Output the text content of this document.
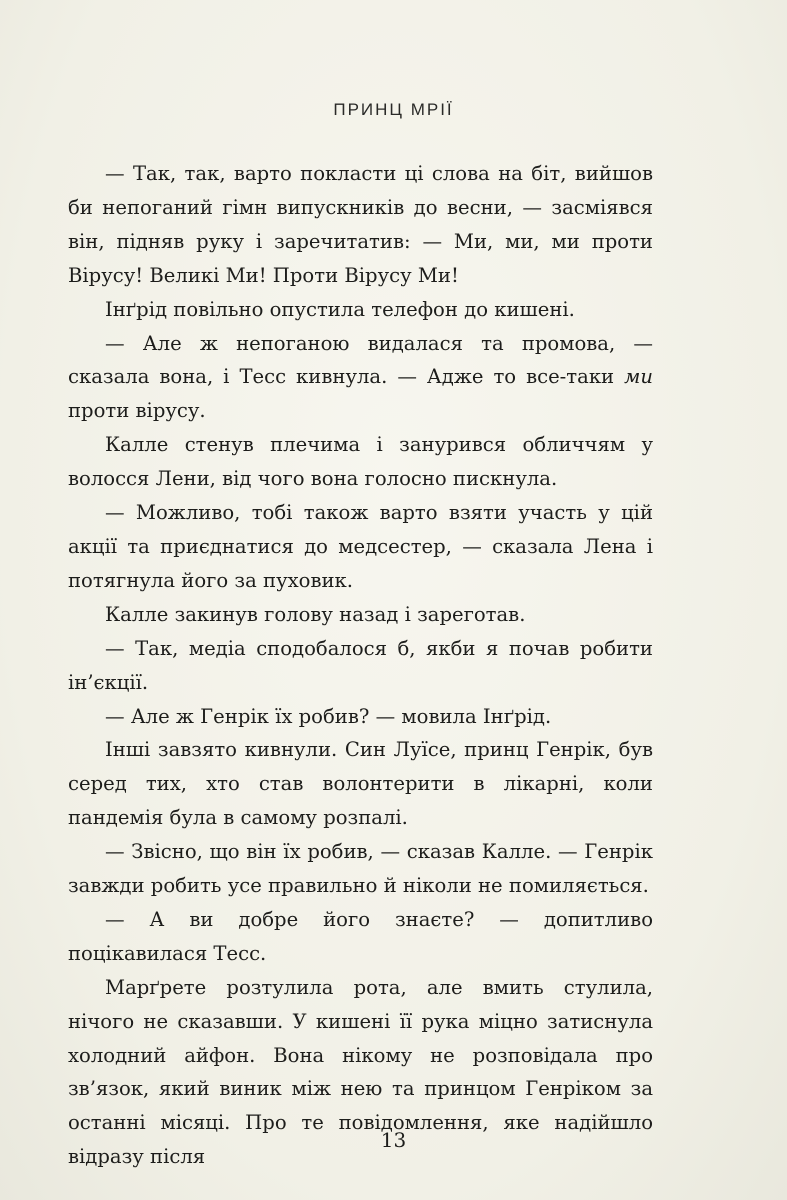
ПРИНЦ МРІЇ

— Так, так, варто покласти ці слова на біт, вийшов би непоганий гімн випускників до весни, — засміявся він, підняв руку і заречитатив: — Ми, ми, ми проти Вірусу! Великі Ми! Проти Вірусу Ми!

Інґрід повільно опустила телефон до кишені.

— Але ж непоганою видалася та промова, — сказала вона, і Тесс кивнула. — Адже то все-таки ми проти вірусу.

Калле стенув плечима і занурився обличчям у волосся Лени, від чого вона голосно пискнула.

— Можливо, тобі також варто взяти участь у цій акції та приєднатися до медсестер, — сказала Лена і потягнула його за пуховик.

Калле закинув голову назад і зареготав.

— Так, медіа сподобалося б, якби я почав робити ін’єкції.

— Але ж Генрік їх робив? — мовила Інґрід.

Інші завзято кивнули. Син Луїсе, принц Генрік, був серед тих, хто став волонтерити в лікарні, коли пандемія була в самому розпалі.

— Звісно, що він їх робив, — сказав Калле. — Генрік завжди робить усе правильно й ніколи не помиляється.

— А ви добре його знаєте? — допитливо поцікавилася Тесс.

Марґрете розтулила рота, але вмить стулила, нічого не сказавши. У кишені її рука міцно затиснула холодний айфон. Вона нікому не розповідала про зв’язок, який виник між нею та принцом Генріком за останні місяці. Про те повідомлення, яке надійшло відразу після

13
